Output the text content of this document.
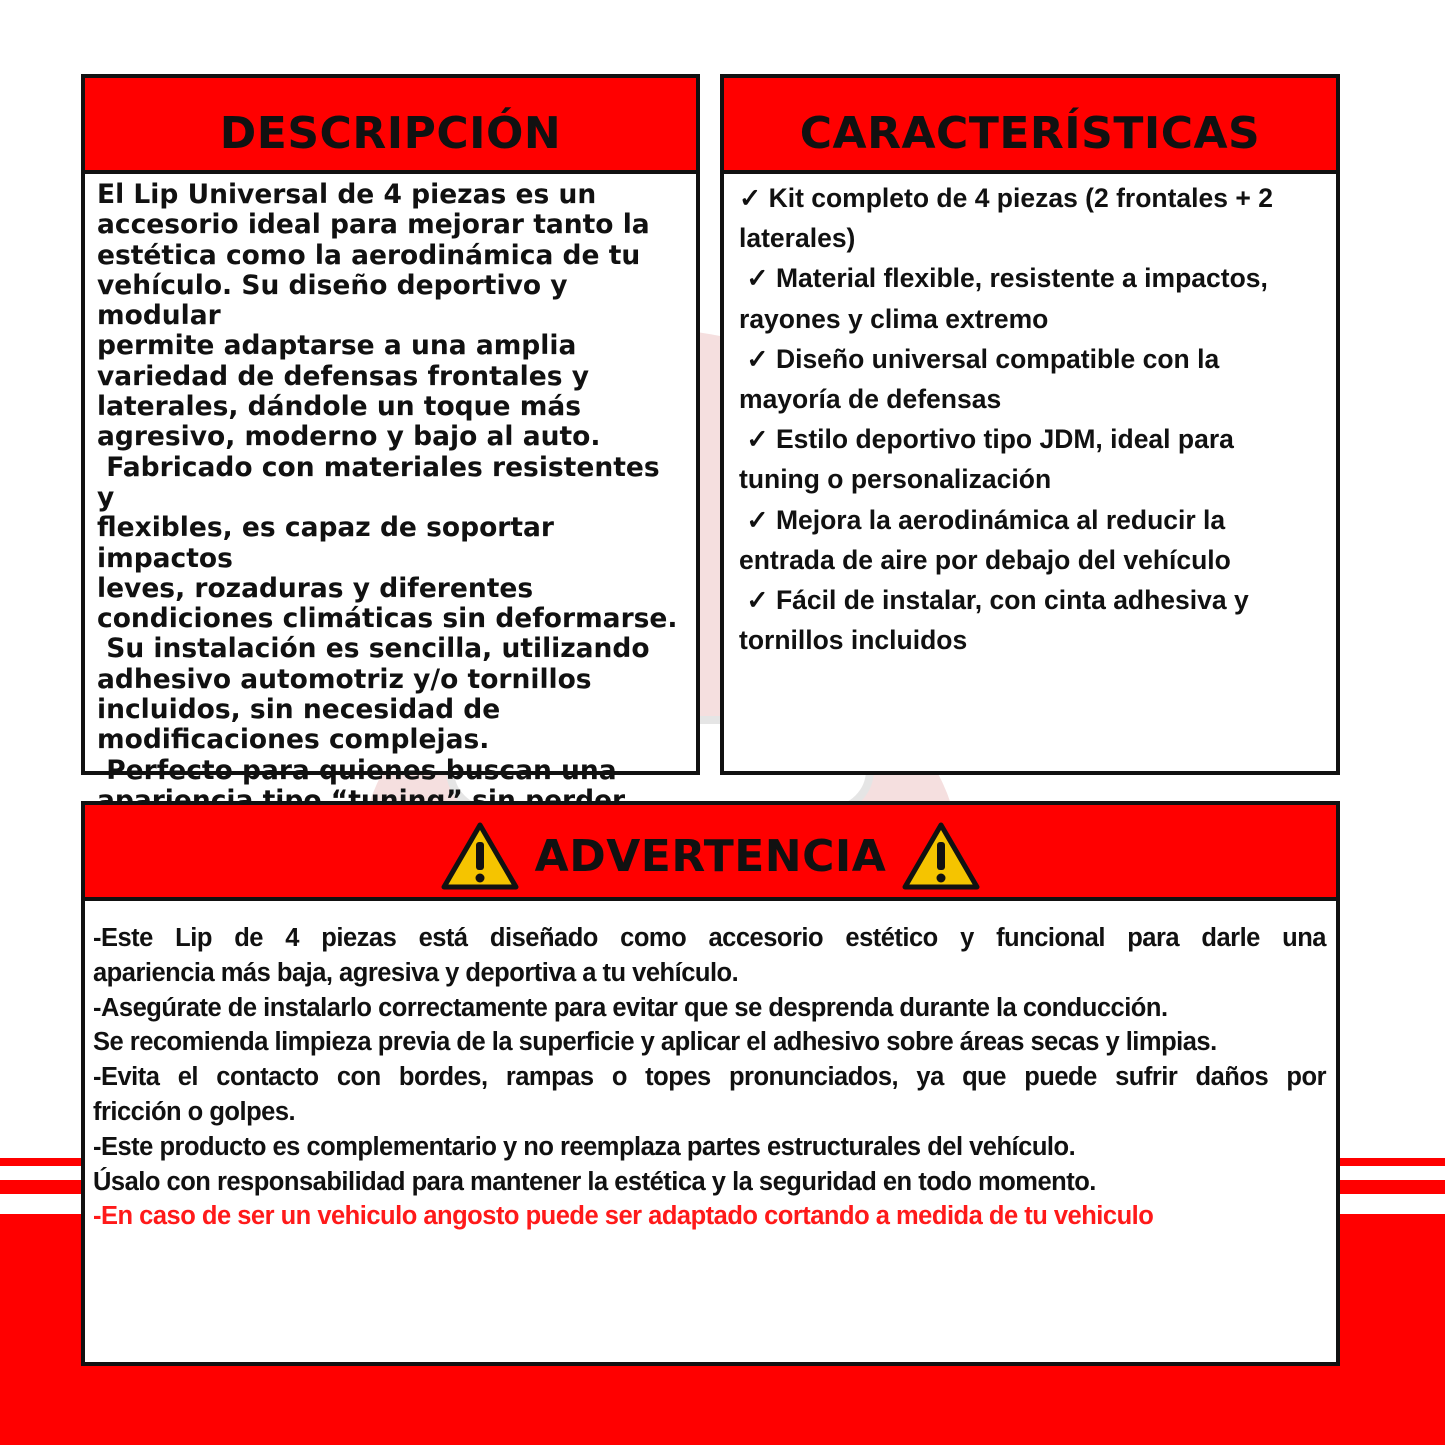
DESCRIPCIÓN

El Lip Universal de 4 piezas es un

accesorio ideal para mejorar tanto la

estética como la aerodinámica de tu

vehículo. Su diseño deportivo y modular

permite adaptarse a una amplia

variedad de defensas frontales y

laterales, dándole un toque más

agresivo, moderno y bajo al auto.

Fabricado con materiales resistentes y

flexibles, es capaz de soportar impactos

leves, rozaduras y diferentes

condiciones climáticas sin deformarse.

Su instalación es sencilla, utilizando

adhesivo automotriz y/o tornillos

incluidos, sin necesidad de

modificaciones complejas.

Perfecto para quienes buscan una

CARACTERÍSTICAS

✓ Kit completo de 4 piezas (2 frontales + 2

laterales)

✓ Material flexible, resistente a impactos,

rayones y clima extremo

✓ Diseño universal compatible con la

mayoría de defensas

✓ Estilo deportivo tipo JDM, ideal para

tuning o personalización

✓ Mejora la aerodinámica al reducir la

entrada de aire por debajo del vehículo

✓ Fácil de instalar, con cinta adhesiva y

tornillos incluidos

ADVERTENCIA

-Este Lip de 4 piezas está diseñado como accesorio estético y funcional para darle una

apariencia más baja, agresiva y deportiva a tu vehículo.

-Asegúrate de instalarlo correctamente para evitar que se desprenda durante la conducción.

Se recomienda limpieza previa de la superficie y aplicar el adhesivo sobre áreas secas y limpias.

-Evita el contacto con bordes, rampas o topes pronunciados, ya que puede sufrir daños por

fricción o golpes.

-Este producto es complementario y no reemplaza partes estructurales del vehículo.

Úsalo con responsabilidad para mantener la estética y la seguridad en todo momento.

-En caso de ser un vehiculo angosto puede ser adaptado cortando a medida de tu vehiculo
